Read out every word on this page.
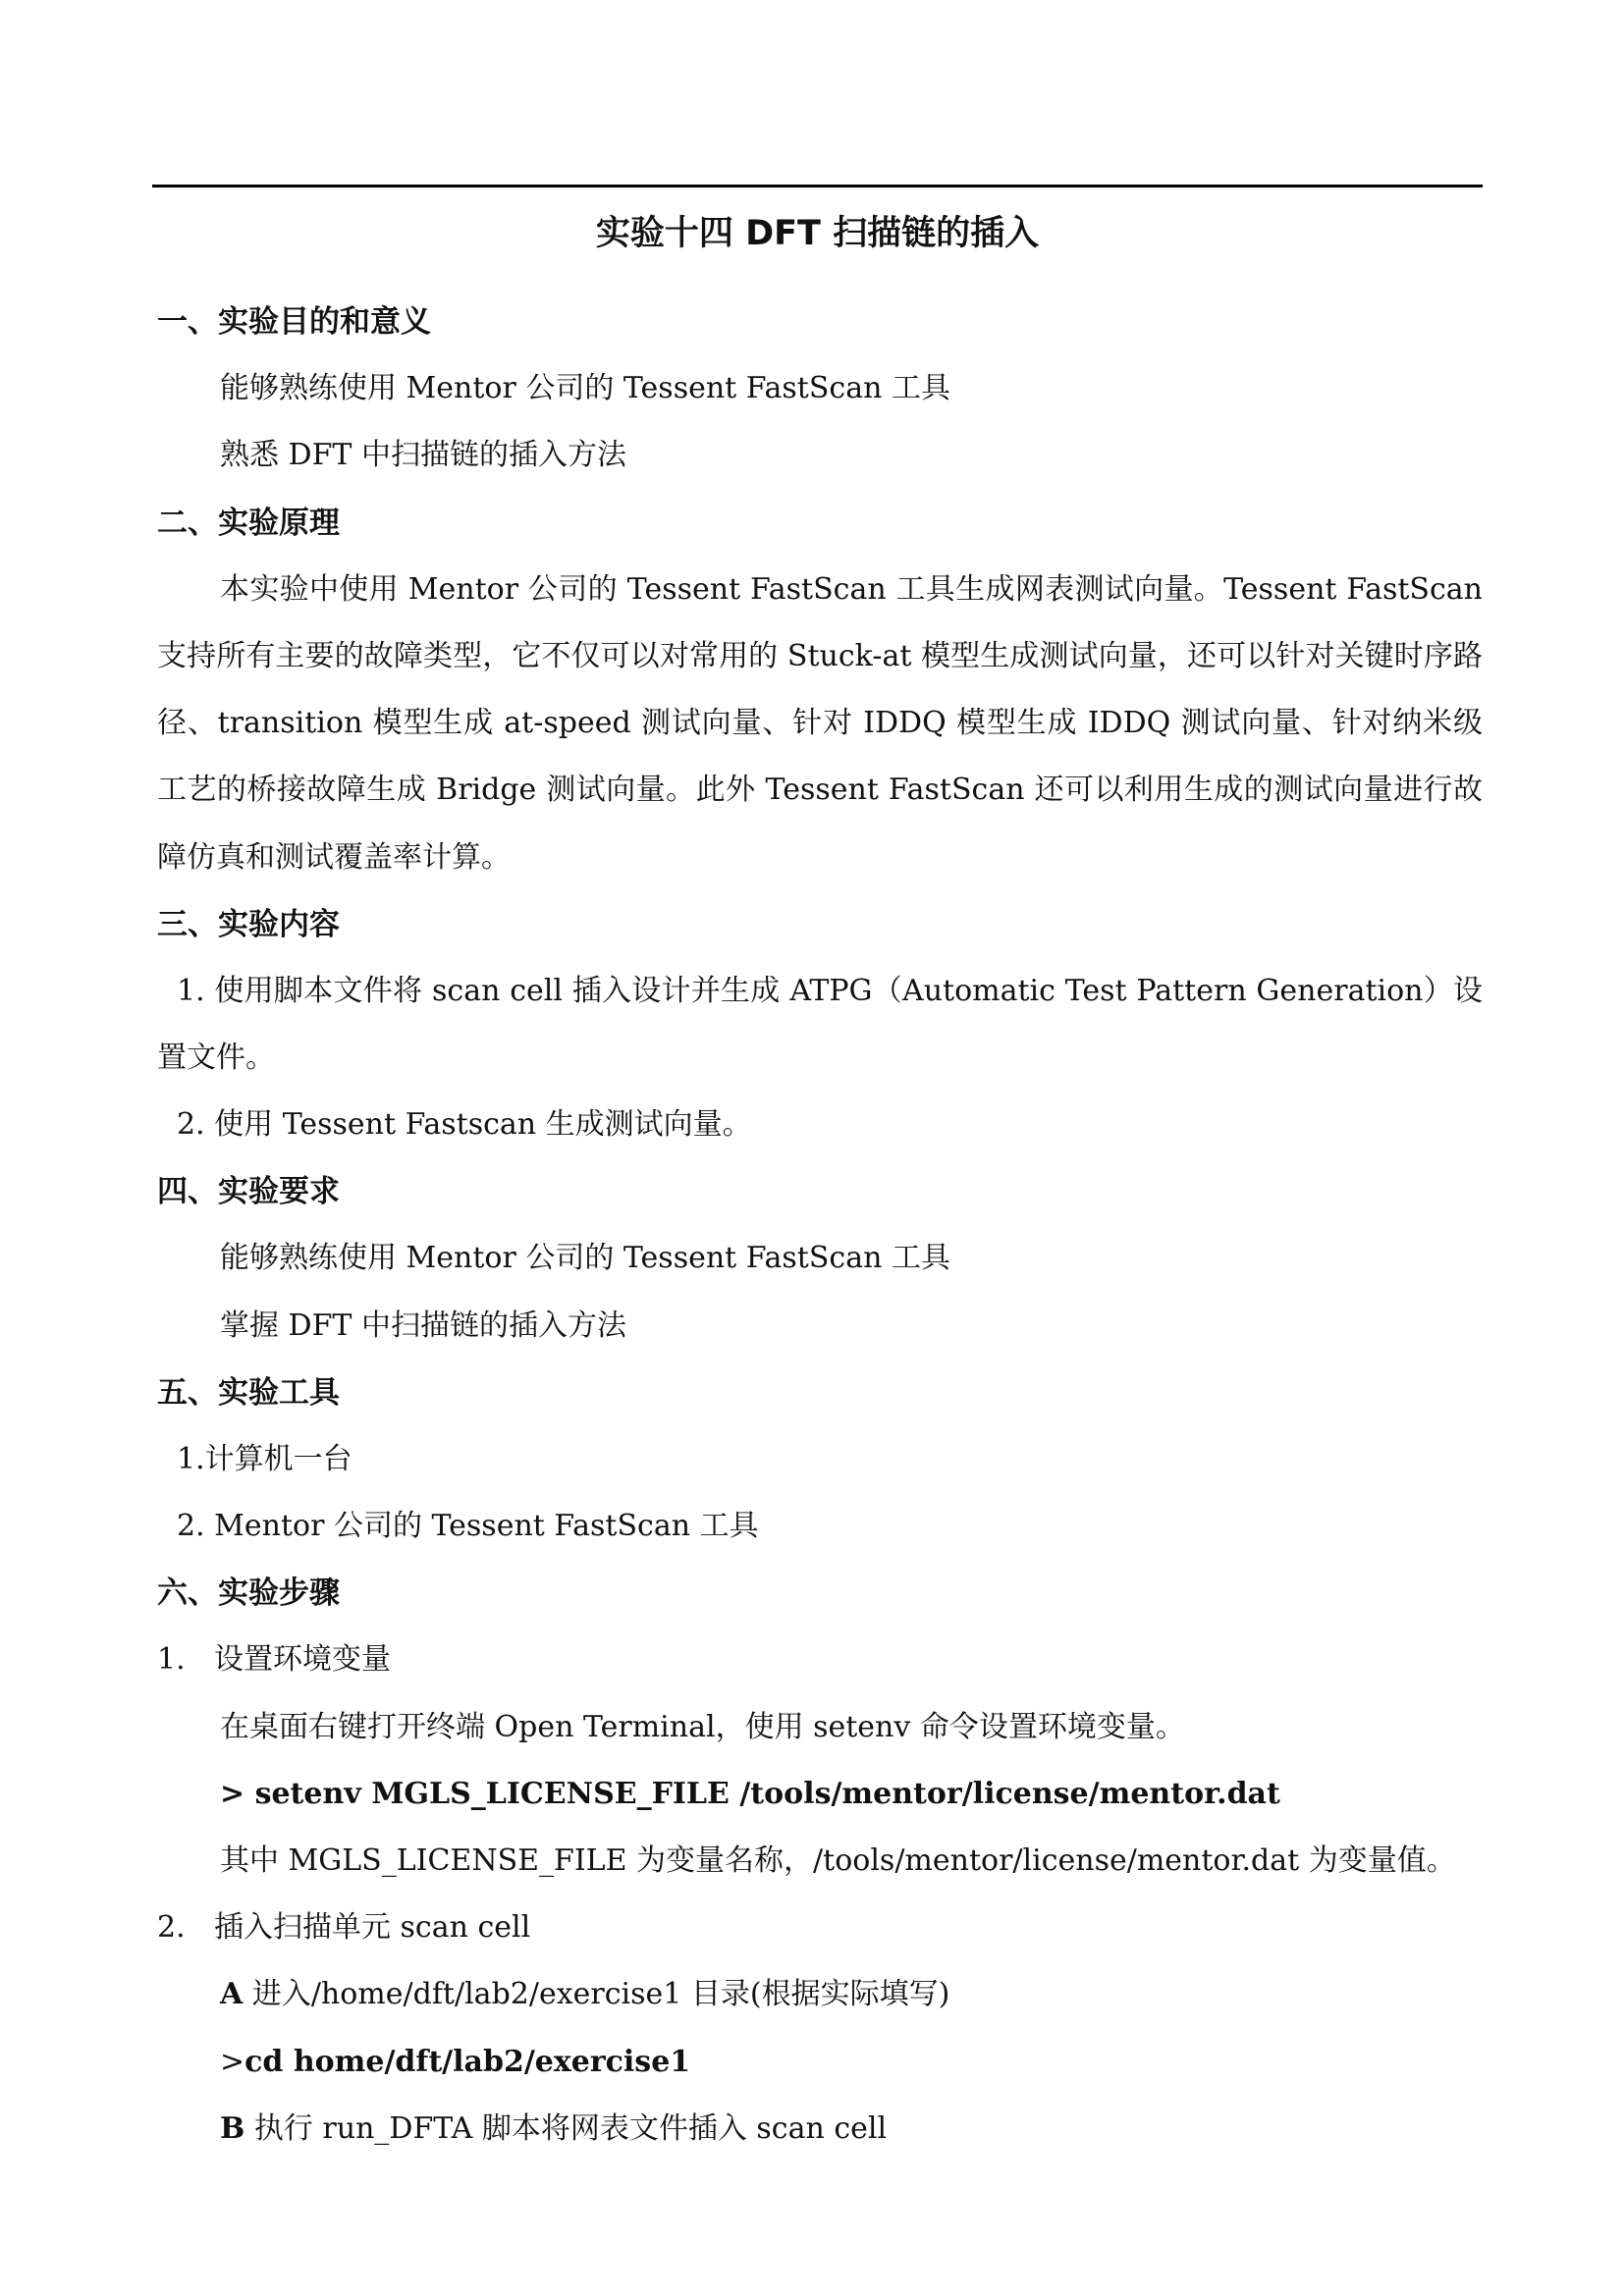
实验十四 DFT 扫描链的插入
一、实验目的和意义
能够熟练使用 Mentor 公司的 Tessent FastScan 工具
熟悉 DFT 中扫描链的插入方法
二、实验原理
本实验中使用 Mentor 公司的 Tessent FastScan 工具生成网表测试向量。Tessent FastScan 支持所有主要的故障类型，它不仅可以对常用的 Stuck-at 模型生成测试向量，还可以针对关键时序路径、transition 模型生成 at-speed 测试向量、针对 IDDQ 模型生成 IDDQ 测试向量、针对纳米级工艺的桥接故障生成 Bridge 测试向量。此外 Tessent FastScan 还可以利用生成的测试向量进行故障仿真和测试覆盖率计算。
三、实验内容
1. 使用脚本文件将 scan cell 插入设计并生成 ATPG（Automatic Test Pattern Generation）设置文件。
2. 使用 Tessent Fastscan 生成测试向量。
四、实验要求
能够熟练使用 Mentor 公司的 Tessent FastScan 工具
掌握 DFT 中扫描链的插入方法
五、实验工具
1.计算机一台
2. Mentor 公司的 Tessent FastScan 工具
六、实验步骤
1. 设置环境变量
在桌面右键打开终端 Open Terminal，使用 setenv 命令设置环境变量。
> setenv MGLS_LICENSE_FILE /tools/mentor/license/mentor.dat
其中 MGLS_LICENSE_FILE 为变量名称，/tools/mentor/license/mentor.dat 为变量值。
2. 插入扫描单元 scan cell
A 进入/home/dft/lab2/exercise1 目录(根据实际填写)
>cd home/dft/lab2/exercise1
B 执行 run_DFTA 脚本将网表文件插入 scan cell
